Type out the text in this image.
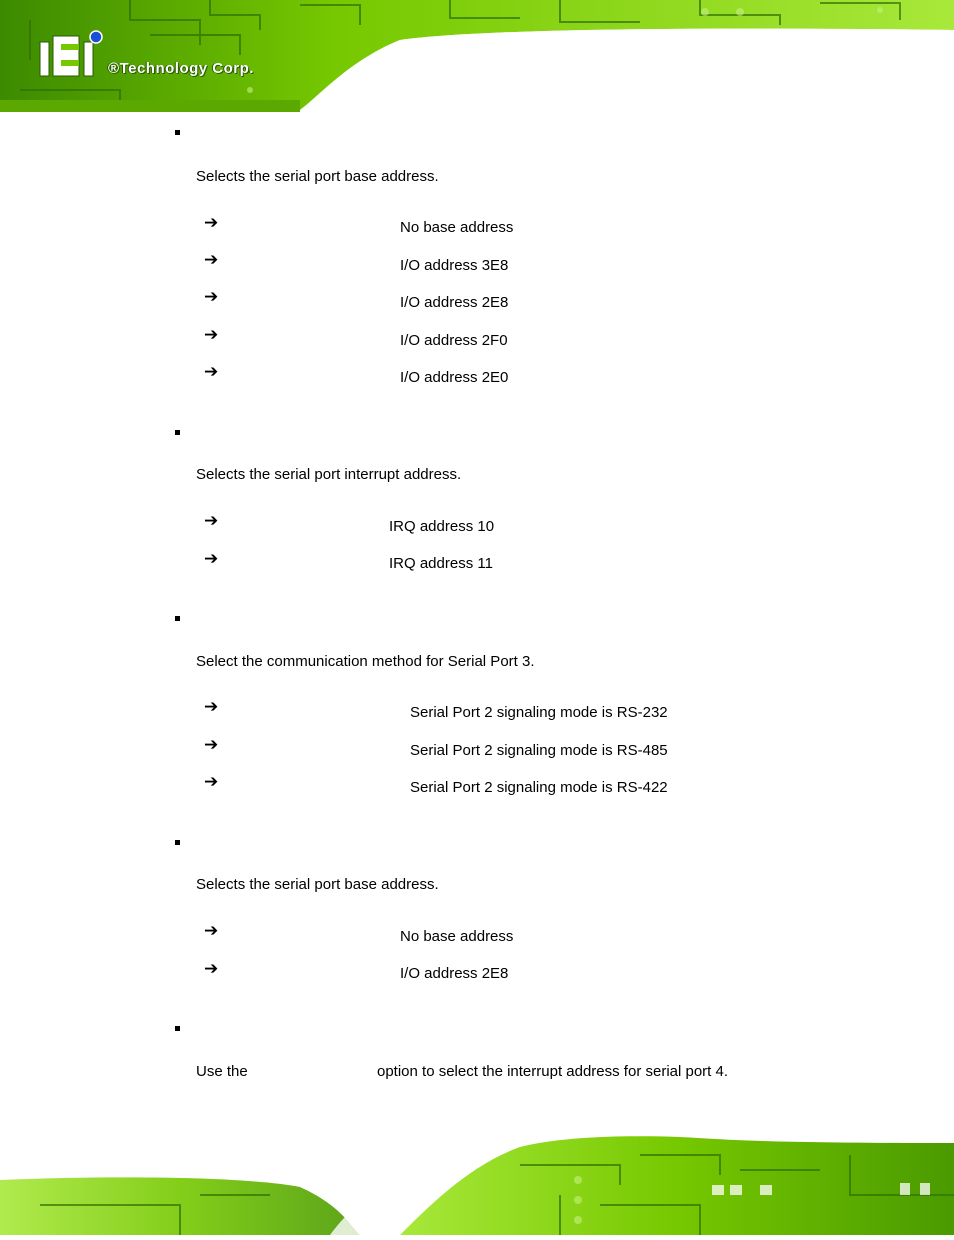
®Technology Corp.
Selects the serial port base address.
➔	No base address
➔	I/O address 3E8
➔	I/O address 2E8
➔	I/O address 2F0
➔	I/O address 2E0
Selects the serial port interrupt address.
➔	IRQ address 10
➔	IRQ address 11
Select the communication method for Serial Port 3.
➔	Serial Port 2 signaling mode is RS-232
➔	Serial Port 2 signaling mode is RS-485
➔	Serial Port 2 signaling mode is RS-422
Selects the serial port base address.
➔	No base address
➔	I/O address 2E8
Use the	option to select the interrupt address for serial port 4.
